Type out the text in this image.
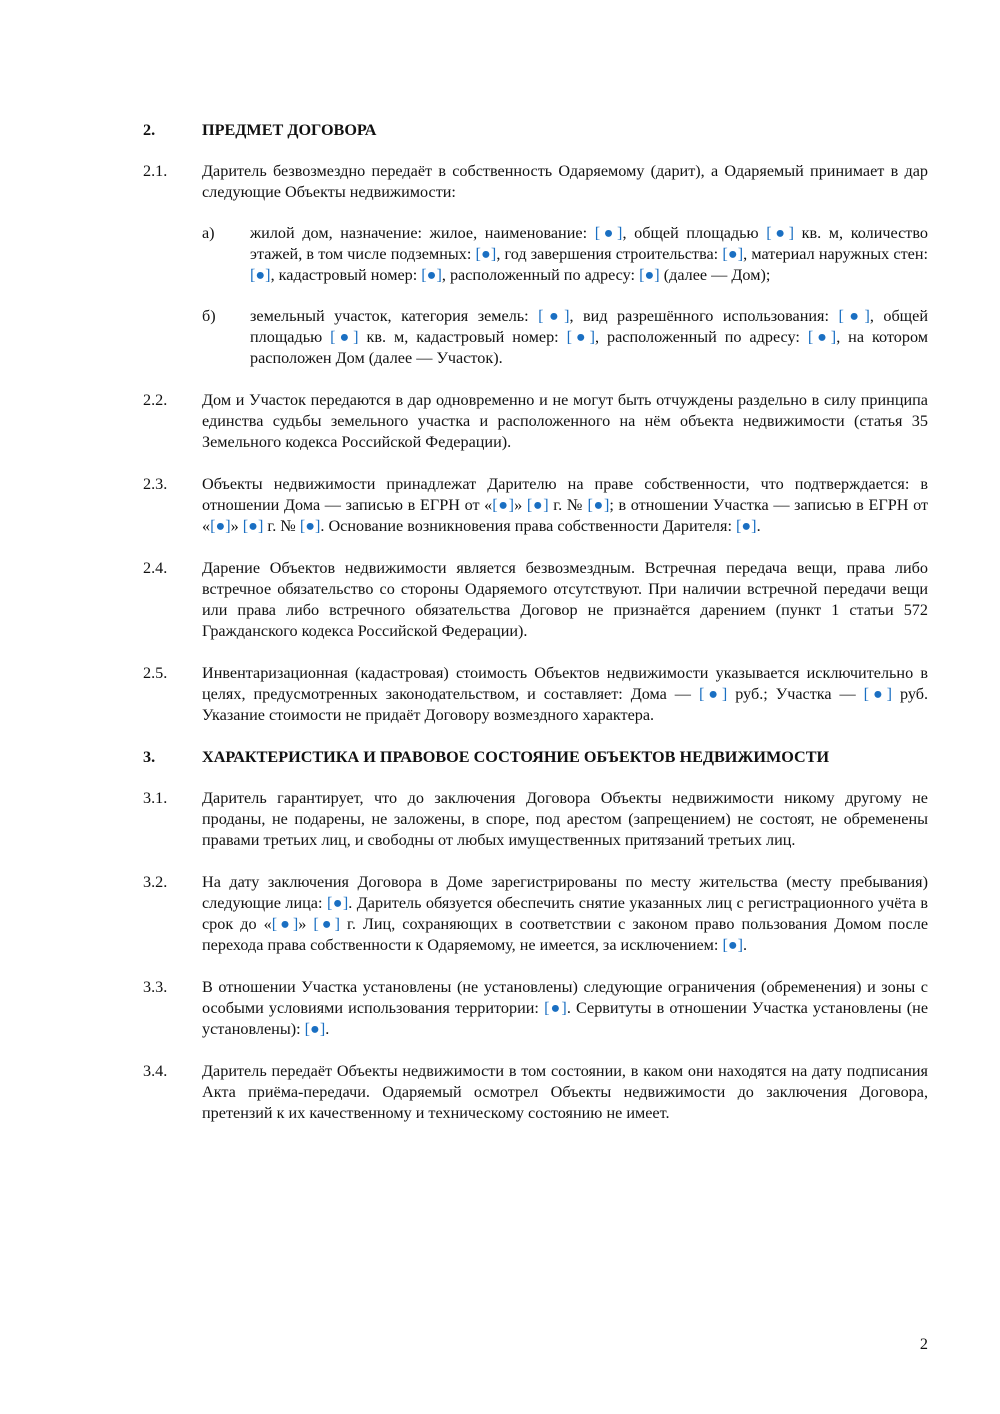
2.	ПРЕДМЕТ ДОГОВОРА
2.1.	Даритель безвозмездно передаёт в собственность Одаряемому (дарит), а Одаряемый принимает в дар следующие Объекты недвижимости:
а)	жилой дом, назначение: жилое, наименование: [●], общей площадью [●] кв. м, количество этажей, в том числе подземных: [●], год завершения строительства: [●], материал наружных стен: [●], кадастровый номер: [●], расположенный по адресу: [●] (далее — Дом);
б)	земельный участок, категория земель: [●], вид разрешённого использования: [●], общей площадью [●] кв. м, кадастровый номер: [●], расположенный по адресу: [●], на котором расположен Дом (далее — Участок).
2.2.	Дом и Участок передаются в дар одновременно и не могут быть отчуждены раздельно в силу принципа единства судьбы земельного участка и расположенного на нём объекта недвижимости (статья 35 Земельного кодекса Российской Федерации).
2.3.	Объекты недвижимости принадлежат Дарителю на праве собственности, что подтверждается: в отношении Дома — записью в ЕГРН от «[●]» [●] г. № [●]; в отношении Участка — записью в ЕГРН от «[●]» [●] г. № [●]. Основание возникновения права собственности Дарителя: [●].
2.4.	Дарение Объектов недвижимости является безвозмездным. Встречная передача вещи, права либо встречное обязательство со стороны Одаряемого отсутствуют. При наличии встречной передачи вещи или права либо встречного обязательства Договор не признаётся дарением (пункт 1 статьи 572 Гражданского кодекса Российской Федерации).
2.5.	Инвентаризационная (кадастровая) стоимость Объектов недвижимости указывается исключительно в целях, предусмотренных законодательством, и составляет: Дома — [●] руб.; Участка — [●] руб. Указание стоимости не придаёт Договору возмездного характера.
3.	ХАРАКТЕРИСТИКА И ПРАВОВОЕ СОСТОЯНИЕ ОБЪЕКТОВ НЕДВИЖИМОСТИ
3.1.	Даритель гарантирует, что до заключения Договора Объекты недвижимости никому другому не проданы, не подарены, не заложены, в споре, под арестом (запрещением) не состоят, не обременены правами третьих лиц, и свободны от любых имущественных притязаний третьих лиц.
3.2.	На дату заключения Договора в Доме зарегистрированы по месту жительства (месту пребывания) следующие лица: [●]. Даритель обязуется обеспечить снятие указанных лиц с регистрационного учёта в срок до «[●]» [●] г. Лиц, сохраняющих в соответствии с законом право пользования Домом после перехода права собственности к Одаряемому, не имеется, за исключением: [●].
3.3.	В отношении Участка установлены (не установлены) следующие ограничения (обременения) и зоны с особыми условиями использования территории: [●]. Сервитуты в отношении Участка установлены (не установлены): [●].
3.4.	Даритель передаёт Объекты недвижимости в том состоянии, в каком они находятся на дату подписания Акта приёма-передачи. Одаряемый осмотрел Объекты недвижимости до заключения Договора, претензий к их качественному и техническому состоянию не имеет.
2
